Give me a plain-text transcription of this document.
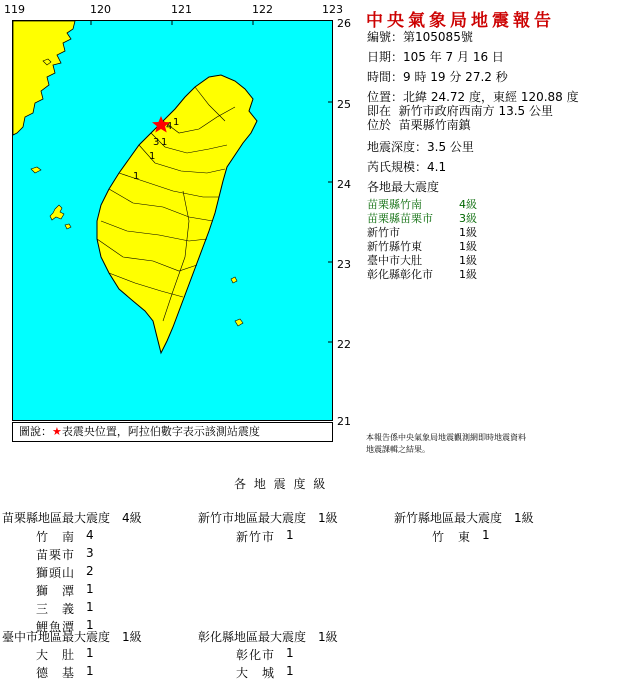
119	120	121	122	123
26
25
24
23
22
21
3
4 1
1
1
1
圖說：★表震央位置，阿拉伯數字表示該測站震度
中央氣象局地震報告
編號：第105085號
日期：105 年 7 月 16 日
時間：9 時 19 分 27.2 秒
位置：北緯 24.72 度，東經 120.88 度
即在 新竹市政府西南方 13.5 公里
位於 苗栗縣竹南鎮
地震深度：3.5 公里
芮氏規模：4.1
各地最大震度
苗栗縣竹南	4級
苗栗縣苗栗市 3級
新竹市	1級
新竹縣竹東	1級
臺中市大肚	1級
彰化縣彰化市 1級
本報告係中央氣象局地震觀測網即時地震資料
地震課輯之結果。
各 地 震 度 級
苗栗縣地區最大震度　4級
竹　南 4
苗栗市 3
獅頭山 2
獅　潭 1
三　義 1
鯉魚潭 1
新竹市地區最大震度　1級
新竹市 1
新竹縣地區最大震度　1級
竹　東 1
臺中市地區最大震度　1級
大　肚 1
德　基 1
彰化縣地區最大震度　1級
彰化市 1
大　城 1
